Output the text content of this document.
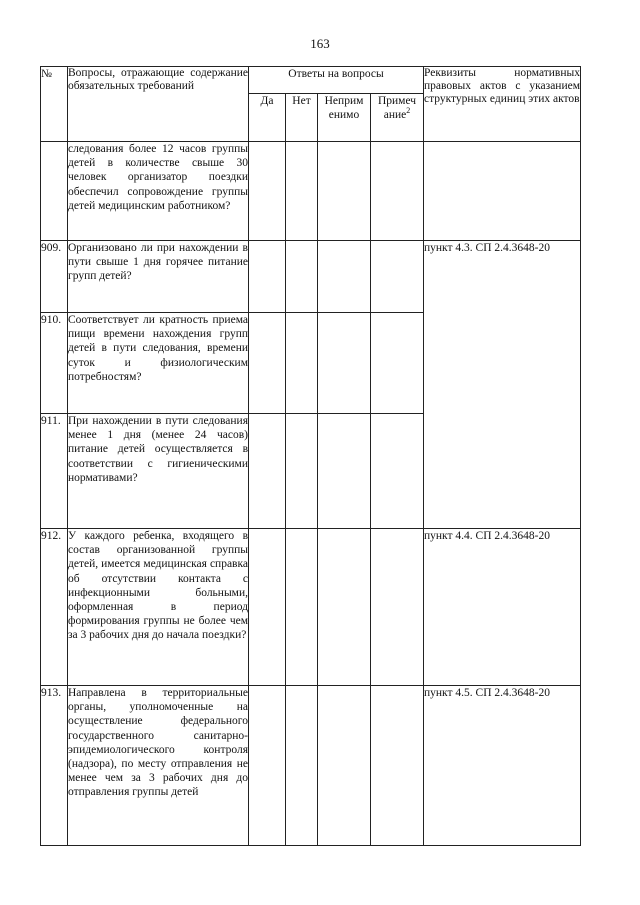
163
№	Вопросы, отражающие содержание обязательных требований	Ответы на вопросы				Реквизиты нормативных правовых актов с указанием структурных единиц этих актов
		Да	Нет	Неприм енимо	Примеч ание$^2$
	следования более 12 часов группы детей в количестве свыше 30 человек организатор поездки обеспечил сопровождение группы детей медицинским работником?					
909.	Организовано ли при нахождении в пути свыше 1 дня горячее питание групп детей?					пункт 4.3. СП 2.4.3648-20
910.	Соответствует ли кратность приема пищи времени нахождения групп детей в пути следования, времени суток и физиологическим потребностям?					
911.	При нахождении в пути следования менее 1 дня (менее 24 часов) питание детей осуществляется в соответствии с гигиеническими нормативами?					
912.	У каждого ребенка, входящего в состав организованной группы детей, имеется медицинская справка об отсутствии контакта с инфекционными больными, оформленная в период формирования группы не более чем за 3 рабочих дня до начала поездки?					пункт 4.4. СП 2.4.3648-20
913.	Направлена в территориальные органы, уполномоченные на осуществление федерального государственного санитарно-эпидемиологического контроля (надзора), по месту отправления не менее чем за 3 рабочих дня до отправления группы детей					пункт 4.5. СП 2.4.3648-20
